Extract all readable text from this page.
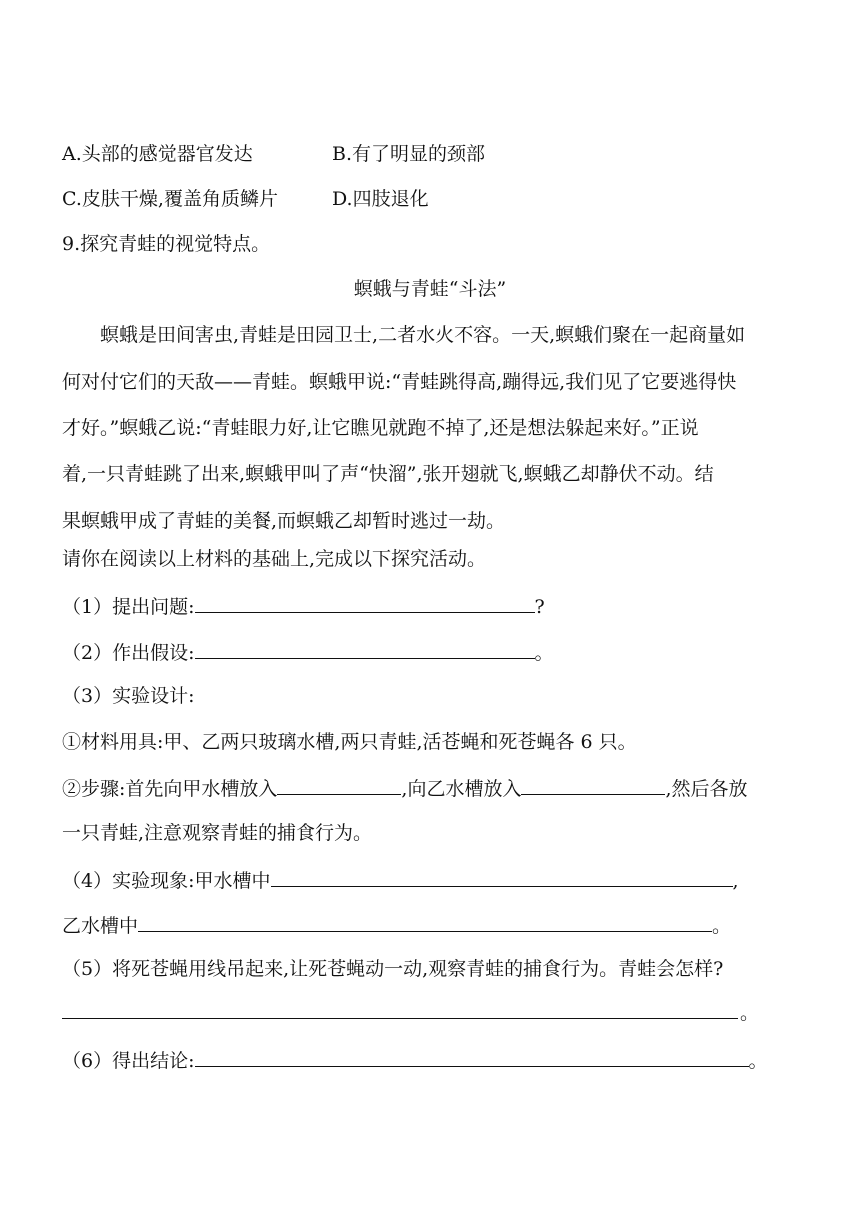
A.头部的感觉器官发达	B.有了明显的颈部
C.皮肤干燥,覆盖角质鳞片	D.四肢退化
9.探究青蛙的视觉特点。
螟蛾与青蛙“斗法”
　　螟蛾是田间害虫,青蛙是田园卫士,二者水火不容。一天,螟蛾们聚在一起商量如
何对付它们的天敌——青蛙。螟蛾甲说:“青蛙跳得高,蹦得远,我们见了它要逃得快
才好。”螟蛾乙说:“青蛙眼力好,让它瞧见就跑不掉了,还是想法躲起来好。”正说
着,一只青蛙跳了出来,螟蛾甲叫了声“快溜”,张开翅就飞,螟蛾乙却静伏不动。结
果螟蛾甲成了青蛙的美餐,而螟蛾乙却暂时逃过一劫。
请你在阅读以上材料的基础上,完成以下探究活动。
（1）提出问题:	?
（2）作出假设:	。
（3）实验设计:
①材料用具:甲、乙两只玻璃水槽,两只青蛙,活苍蝇和死苍蝇各 6 只。
②步骤:首先向甲水槽放入	,向乙水槽放入	,然后各放
一只青蛙,注意观察青蛙的捕食行为。
（4）实验现象:甲水槽中	,
乙水槽中	。
（5）将死苍蝇用线吊起来,让死苍蝇动一动,观察青蛙的捕食行为。青蛙会怎样?
。
（6）得出结论:	。
